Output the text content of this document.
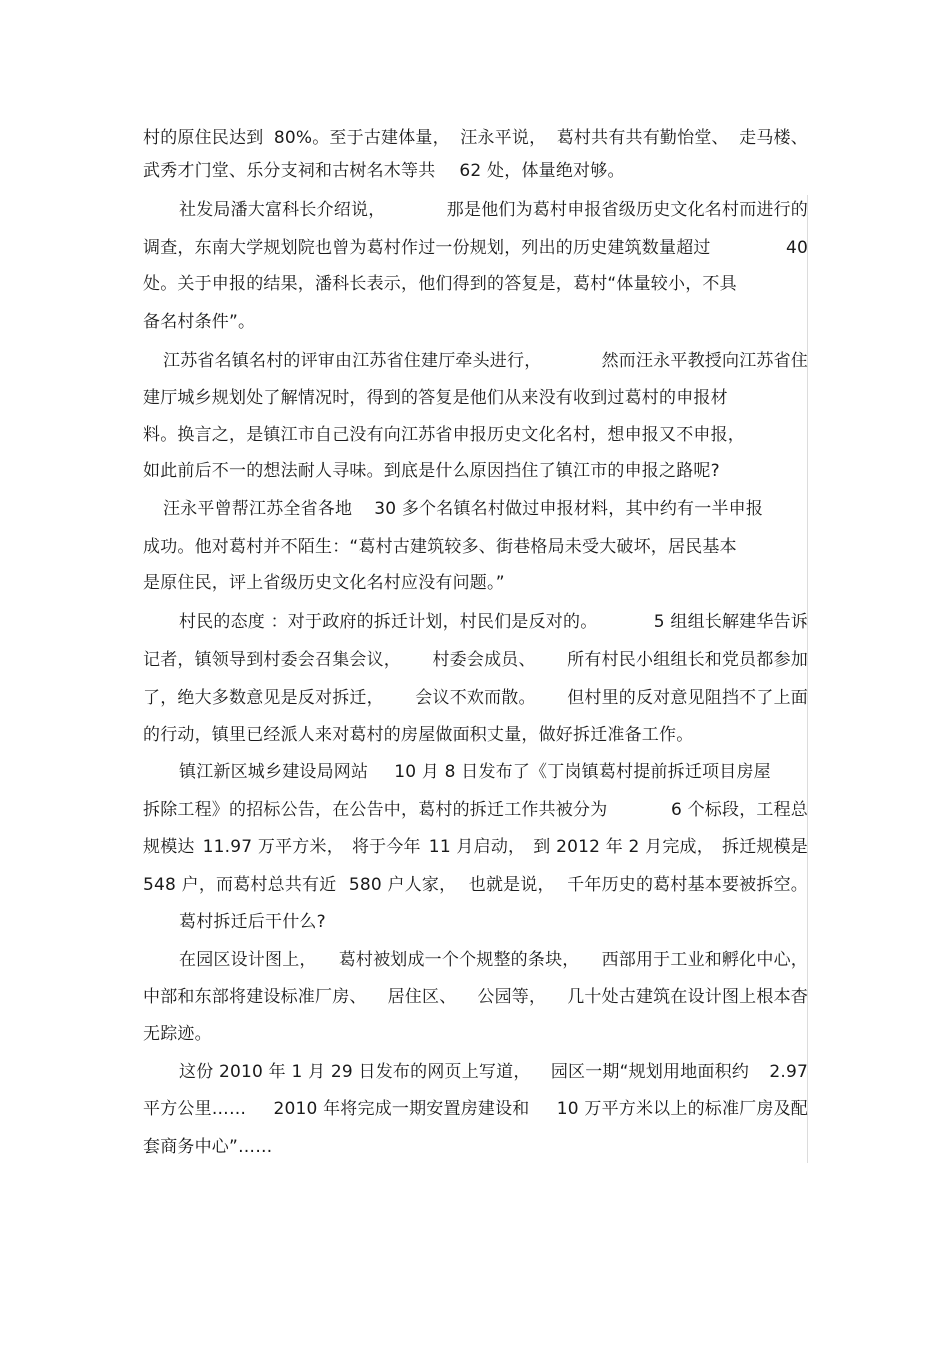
村的原住民达到 80%。至于古建体量， 汪永平说， 葛村共有共有勤怡堂、 走马楼、
武秀才门堂、乐分支祠和古树名木等共 62 处，体量绝对够。
社发局潘大富科长介绍说，	那是他们为葛村申报省级历史文化名村而进行的
调查，东南大学规划院也曾为葛村作过一份规划，列出的历史建筑数量超过	40
处。关于申报的结果，潘科长表示，他们得到的答复是，葛村“体量较小，不具
备名村条件”。
江苏省名镇名村的评审由江苏省住建厅牵头进行，	然而汪永平教授向江苏省住
建厅城乡规划处了解情况时，得到的答复是他们从来没有收到过葛村的申报材
料。换言之，是镇江市自己没有向江苏省申报历史文化名村，想申报又不申报，
如此前后不一的想法耐人寻味。到底是什么原因挡住了镇江市的申报之路呢?
汪永平曾帮江苏全省各地 30 多个名镇名村做过申报材料，其中约有一半申报
成功。他对葛村并不陌生：“葛村古建筑较多、街巷格局未受大破坏，居民基本
是原住民，评上省级历史文化名村应没有问题。”
村民的态度 ：对于政府的拆迁计划，村民们是反对的。	5 组组长解建华告诉
记者，镇领导到村委会召集会议， 村委会成员、 所有村民小组组长和党员都参加
了，绝大多数意见是反对拆迁， 会议不欢而散。 但村里的反对意见阻挡不了上面
的行动，镇里已经派人来对葛村的房屋做面积丈量，做好拆迁准备工作。
镇江新区城乡建设局网站 10 月 8 日发布了《丁岗镇葛村提前拆迁项目房屋
拆除工程》的招标公告，在公告中，葛村的拆迁工作共被分为	6 个标段，工程总
规模达 11.97 万平方米， 将于今年 11 月启动， 到 2012 年 2 月完成， 拆迁规模是
548 户，而葛村总共有近 580 户人家， 也就是说， 千年历史的葛村基本要被拆空。
葛村拆迁后干什么?
在园区设计图上， 葛村被划成一个个规整的条块， 西部用于工业和孵化中心，
中部和东部将建设标准厂房、 居住区、 公园等， 几十处古建筑在设计图上根本杳
无踪迹。
这份 2010 年 1 月 29 日发布的网页上写道， 园区一期“规划用地面积约 2.97
平方公里…… 2010 年将完成一期安置房建设和 10 万平方米以上的标准厂房及配
套商务中心”……
